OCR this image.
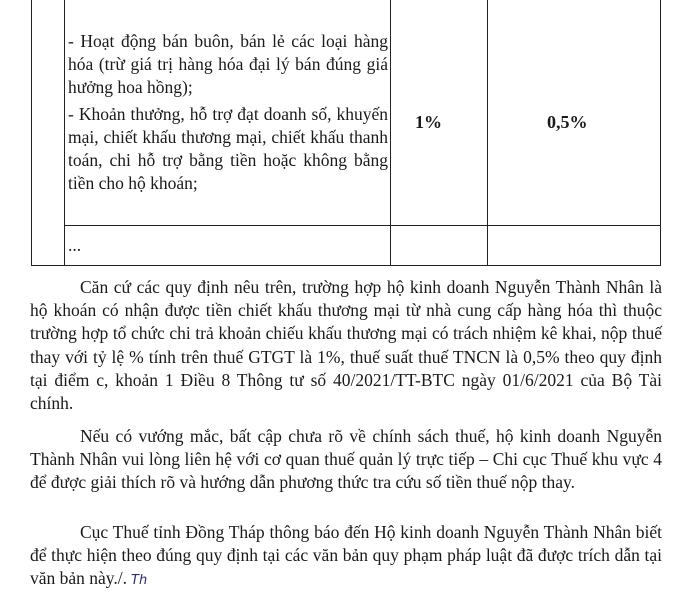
- Hoạt động bán buôn, bán lẻ các loại hàng hóa (trừ giá trị hàng hóa đại lý bán đúng giá hưởng hoa hồng);

- Khoản thưởng, hỗ trợ đạt doanh số, khuyến mại, chiết khấu thương mại, chiết khấu thanh toán, chi hỗ trợ bằng tiền hoặc không bằng tiền cho hộ khoán;

1%	0,5%
...

Căn cứ các quy định nêu trên, trường hợp hộ kinh doanh Nguyễn Thành Nhân là hộ khoán có nhận được tiền chiết khấu thương mại từ nhà cung cấp hàng hóa thì thuộc trường hợp tổ chức chi trả khoản chiếu khấu thương mại có trách nhiệm kê khai, nộp thuế thay với tỷ lệ % tính trên thuế GTGT là 1%, thuế suất thuế TNCN là 0,5% theo quy định tại điểm c, khoản 1 Điều 8 Thông tư số 40/2021/TT-BTC ngày 01/6/2021 của Bộ Tài chính.

Nếu có vướng mắc, bất cập chưa rõ về chính sách thuế, hộ kinh doanh Nguyễn Thành Nhân vui lòng liên hệ với cơ quan thuế quản lý trực tiếp – Chi cục Thuế khu vực 4 để được giải thích rõ và hướng dẫn phương thức tra cứu số tiền thuế nộp thay.

Cục Thuế tỉnh Đồng Tháp thông báo đến Hộ kinh doanh Nguyễn Thành Nhân biết để thực hiện theo đúng quy định tại các văn bản quy phạm pháp luật đã được trích dẫn tại văn bản này./. Th
